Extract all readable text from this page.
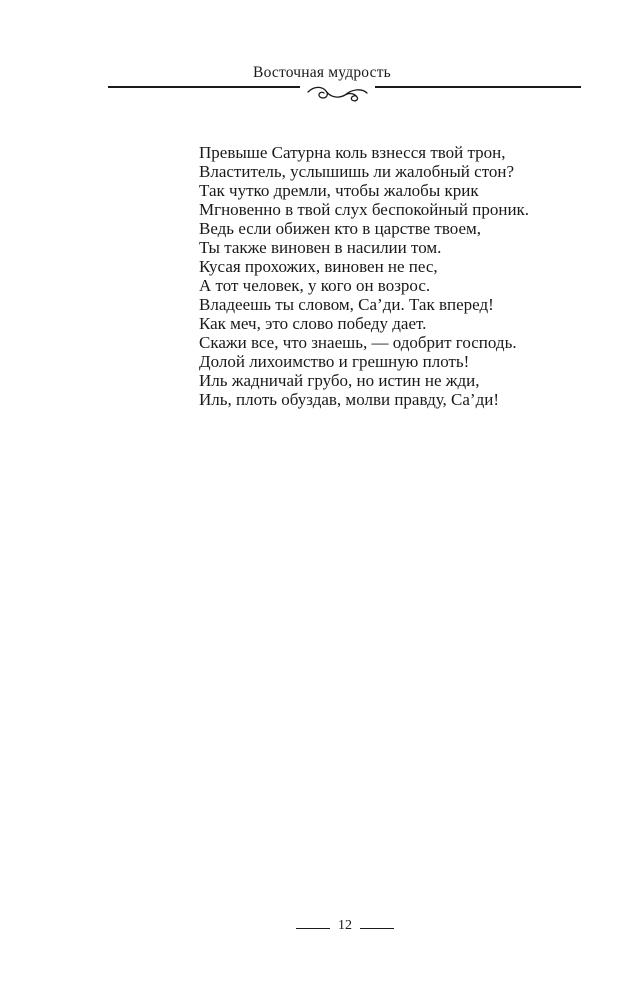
Восточная мудрость
Превыше Сатурна коль взнесся твой трон,
Властитель, услышишь ли жалобный стон?
Так чутко дремли, чтобы жалобы крик
Мгновенно в твой слух беспокойный проник.
Ведь если обижен кто в царстве твоем,
Ты также виновен в насилии том.
Кусая прохожих, виновен не пес,
А тот человек, у кого он возрос.
Владеешь ты словом, Са’ди. Так вперед!
Как меч, это слово победу дает.
Скажи все, что знаешь, — одобрит господь.
Долой лихоимство и грешную плоть!
Иль жадничай грубо, но истин не жди,
Иль, плоть обуздав, молви правду, Са’ди!
12
